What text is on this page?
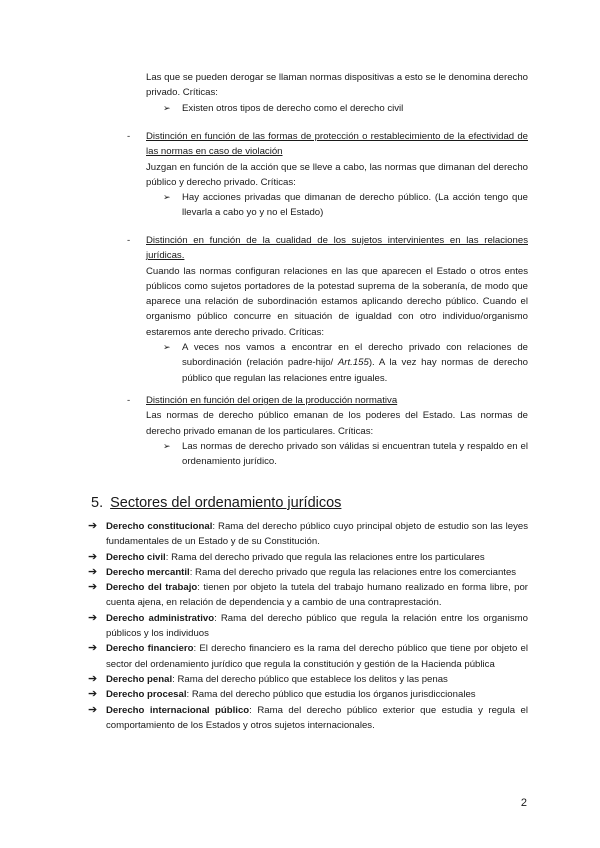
Las que se pueden derogar se llaman normas dispositivas a esto se le denominа derecho privado. Críticas:
➢ Existen otros tipos de derecho como el derecho civil
-	Distinción en función de las formas de protección o restablecimiento de la efectividad de las normas en caso de violación
Juzgan en función de la acción que se lleve a cabo, las normas que dimanan del derecho público y derecho privado. Críticas:
➢ Hay acciones privadas que dimanan de derecho público. (La acción tengo que llevarla a cabo yo y no el Estado)
-	Distinción en función de la cualidad de los sujetos intervinientes en las relaciones jurídicas.
Cuando las normas configuran relaciones en las que aparecen el Estado o otros entes públicos como sujetos portadores de la potestad suprema de la soberanía, de modo que aparece una relación de subordinación estamos aplicando derecho público. Cuando el organismo público concurre en situación de igualdad con otro individuo/organismo estaremos ante derecho privado. Críticas:
➢ A veces nos vamos a encontrar en el derecho privado con relaciones de subordinación (relación padre-hijo/ Art.155). A la vez hay normas de derecho público que regulan las relaciones entre iguales.
-	Distinción en función del origen de la producción normativa
Las normas de derecho público emanan de los poderes del Estado. Las normas de derecho privado emanan de los particulares. Críticas:
➢ Las normas de derecho privado son válidas si encuentran tutela y respaldo en el ordenamiento jurídico.
5. Sectores del ordenamiento jurídicos
➔ Derecho constitucional: Rama del derecho público cuyo principal objeto de estudio son las leyes fundamentales de un Estado y de su Constitución.
➔ Derecho civil: Rama del derecho privado que regula las relaciones entre los particulares
➔ Derecho mercantil: Rama del derecho privado que regula las relaciones entre los comerciantes
➔ Derecho del trabajo: tienen por objeto la tutela del trabajo humano realizado en forma libre, por cuenta ajena, en relación de dependencia y a cambio de una contraprestación.
➔ Derecho administrativo: Rama del derecho público que regula la relación entre los organismo públicos y los individuos
➔ Derecho financiero: El derecho financiero es la rama del derecho público que tiene por objeto el sector del ordenamiento jurídico que regula la constitución y gestión de la Hacienda pública
➔ Derecho penal: Rama del derecho público que establece los delitos y las penas
➔ Derecho procesal: Rama del derecho público que estudia los órganos jurisdiccionales
➔ Derecho internacional público: Rama del derecho público exterior que estudia y regula el comportamiento de los Estados y otros sujetos internacionales.
2
